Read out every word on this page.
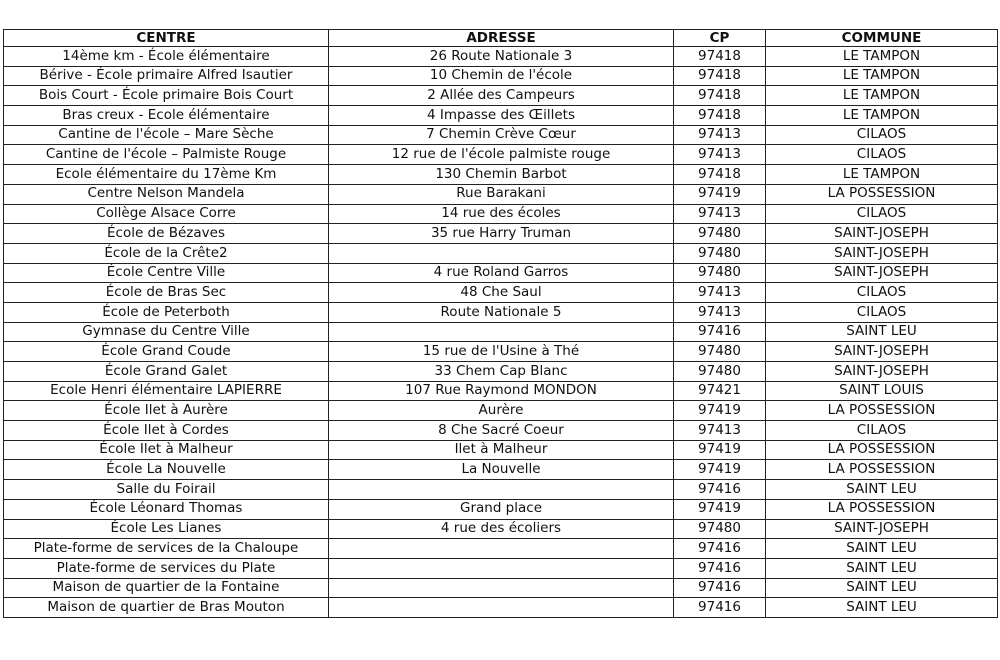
CENTRE	ADRESSE	CP	COMMUNE
14ème km - École élémentaire	26 Route Nationale 3	97418	LE TAMPON
Bérive - École primaire Alfred Isautier	10 Chemin de l'école	97418	LE TAMPON
Bois Court - École primaire Bois Court	2 Allée des Campeurs	97418	LE TAMPON
Bras creux - Ecole élémentaire	4 Impasse des Œillets	97418	LE TAMPON
Cantine de l'école – Mare Sèche	7 Chemin Crève Cœur	97413	CILAOS
Cantine de l'école – Palmiste Rouge	12 rue de l'école palmiste rouge	97413	CILAOS
Ecole élémentaire du 17ème Km	130 Chemin Barbot	97418	LE TAMPON
Centre Nelson Mandela	Rue Barakani	97419	LA POSSESSION
Collège Alsace Corre	14 rue des écoles	97413	CILAOS
École de Bézaves	35 rue Harry Truman	97480	SAINT-JOSEPH
École de la Crête2		97480	SAINT-JOSEPH
École Centre Ville	4 rue Roland Garros	97480	SAINT-JOSEPH
École de Bras Sec	48 Che Saul	97413	CILAOS
École de Peterboth	Route Nationale 5	97413	CILAOS
Gymnase du Centre Ville		97416	SAINT LEU
École Grand Coude	15 rue de l'Usine à Thé	97480	SAINT-JOSEPH
École Grand Galet	33 Chem Cap Blanc	97480	SAINT-JOSEPH
Ecole Henri élémentaire LAPIERRE	107 Rue Raymond MONDON	97421	SAINT LOUIS
École Ilet à Aurère	Aurère	97419	LA POSSESSION
École Ilet à Cordes	8 Che Sacré Coeur	97413	CILAOS
École Ilet à Malheur	Ilet à Malheur	97419	LA POSSESSION
École La Nouvelle	La Nouvelle	97419	LA POSSESSION
Salle du Foirail		97416	SAINT LEU
École Léonard Thomas	Grand place	97419	LA POSSESSION
École Les Lianes	4 rue des écoliers	97480	SAINT-JOSEPH
Plate-forme de services de la Chaloupe		97416	SAINT LEU
Plate-forme de services du Plate		97416	SAINT LEU
Maison de quartier de la Fontaine		97416	SAINT LEU
Maison de quartier de Bras Mouton		97416	SAINT LEU
